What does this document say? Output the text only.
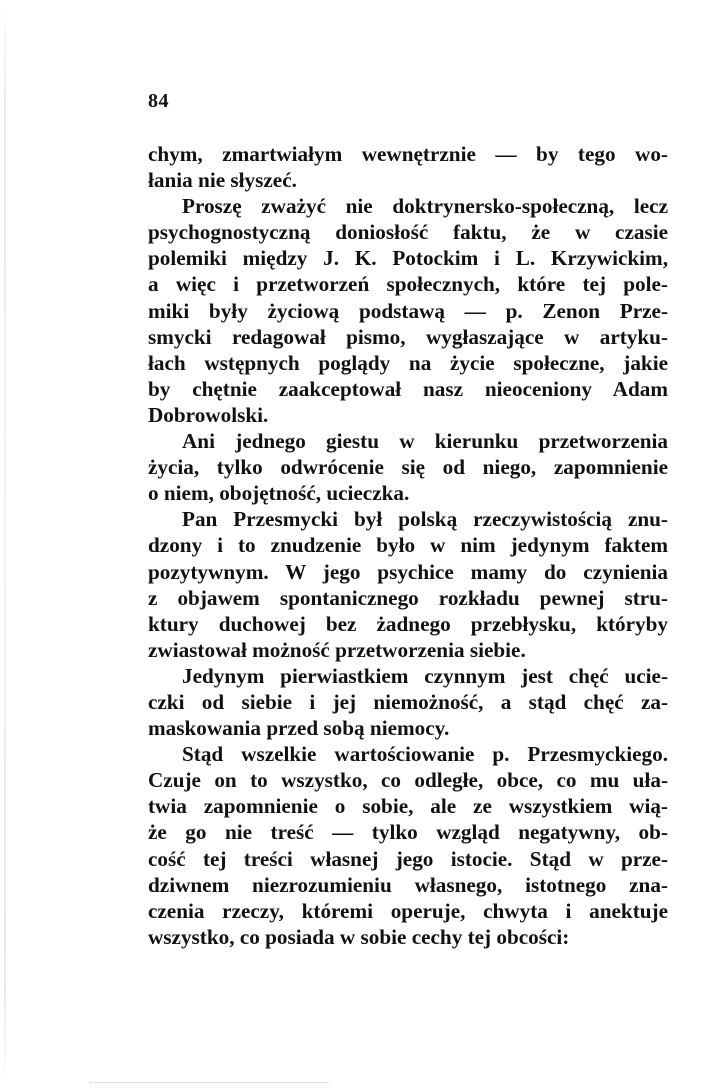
84
chym, zmartwiałym wewnętrznie — by tego wo-
łania nie słyszeć.
Proszę zważyć nie doktrynersko-społeczną, lecz
psychognostyczną doniosłość faktu, że w czasie
polemiki między J. K. Potockim i L. Krzywickim,
a więc i przetworzeń społecznych, które tej pole-
miki były życiową podstawą — p. Zenon Prze-
smycki redagował pismo, wygłaszające w artyku-
łach wstępnych poglądy na życie społeczne, jakie
by chętnie zaakceptował nasz nieoceniony Adam
Dobrowolski.
Ani jednego giestu w kierunku przetworzenia
życia, tylko odwrócenie się od niego, zapomnienie
o niem, obojętność, ucieczka.
Pan Przesmycki był polską rzeczywistością znu-
dzony i to znudzenie było w nim jedynym faktem
pozytywnym. W jego psychice mamy do czynienia
z objawem spontanicznego rozkładu pewnej stru-
ktury duchowej bez żadnego przebłysku, któryby
zwiastował możność przetworzenia siebie.
Jedynym pierwiastkiem czynnym jest chęć ucie-
czki od siebie i jej niemożność, a stąd chęć za-
maskowania przed sobą niemocy.
Stąd wszelkie wartościowanie p. Przesmyckiego.
Czuje on to wszystko, co odległe, obce, co mu uła-
twia zapomnienie o sobie, ale ze wszystkiem wią-
że go nie treść — tylko wzgląd negatywny, ob-
cość tej treści własnej jego istocie. Stąd w prze-
dziwnem niezrozumieniu własnego, istotnego zna-
czenia rzeczy, któremi operuje, chwyta i anektuje
wszystko, co posiada w sobie cechy tej obcości:
